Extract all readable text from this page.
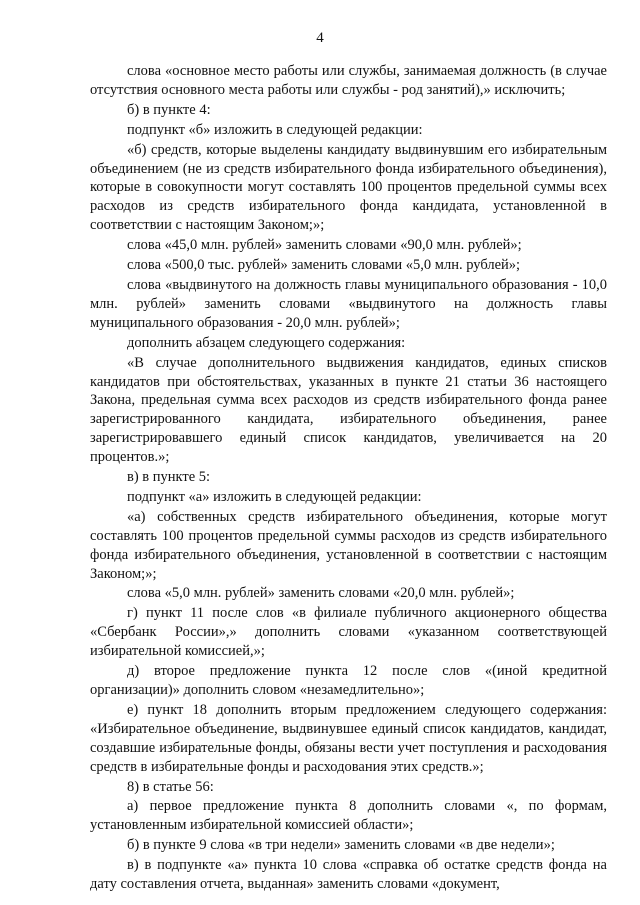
4

слова «основное место работы или службы, занимаемая должность (в случае отсутствия основного места работы или службы - род занятий),» исключить;

б) в пункте 4:

подпункт «б» изложить в следующей редакции:

«б) средств, которые выделены кандидату выдвинувшим его избирательным объединением (не из средств избирательного фонда избирательного объединения), которые в совокупности могут составлять 100 процентов предельной суммы всех расходов из средств избирательного фонда кандидата, установленной в соответствии с настоящим Законом;»;

слова «45,0 млн. рублей» заменить словами «90,0 млн. рублей»;

слова «500,0 тыс. рублей» заменить словами «5,0 млн. рублей»;

слова «выдвинутого на должность главы муниципального образования - 10,0 млн. рублей» заменить словами «выдвинутого на должность главы муниципального образования - 20,0 млн. рублей»;

дополнить абзацем следующего содержания:

«В случае дополнительного выдвижения кандидатов, единых списков кандидатов при обстоятельствах, указанных в пункте 21 статьи 36 настоящего Закона, предельная сумма всех расходов из средств избирательного фонда ранее зарегистрированного кандидата, избирательного объединения, ранее зарегистрировавшего единый список кандидатов, увеличивается на 20 процентов.»;

в) в пункте 5:

подпункт «а» изложить в следующей редакции:

«а) собственных средств избирательного объединения, которые могут составлять 100 процентов предельной суммы расходов из средств избирательного фонда избирательного объединения, установленной в соответствии с настоящим Законом;»;

слова «5,0 млн. рублей» заменить словами «20,0 млн. рублей»;

г) пункт 11 после слов «в филиале публичного акционерного общества «Сбербанк России»,» дополнить словами «указанном соответствующей избирательной комиссией,»;

д) второе предложение пункта 12 после слов «(иной кредитной организации)» дополнить словом «незамедлительно»;

е) пункт 18 дополнить вторым предложением следующего содержания: «Избирательное объединение, выдвинувшее единый список кандидатов, кандидат, создавшие избирательные фонды, обязаны вести учет поступления и расходования средств в избирательные фонды и расходования этих средств.»;

8) в статье 56:

а) первое предложение пункта 8 дополнить словами «, по формам, установленным избирательной комиссией области»;

б) в пункте 9 слова «в три недели» заменить словами «в две недели»;

в) в подпункте «а» пункта 10 слова «справка об остатке средств фонда на дату составления отчета, выданная» заменить словами «документ,
